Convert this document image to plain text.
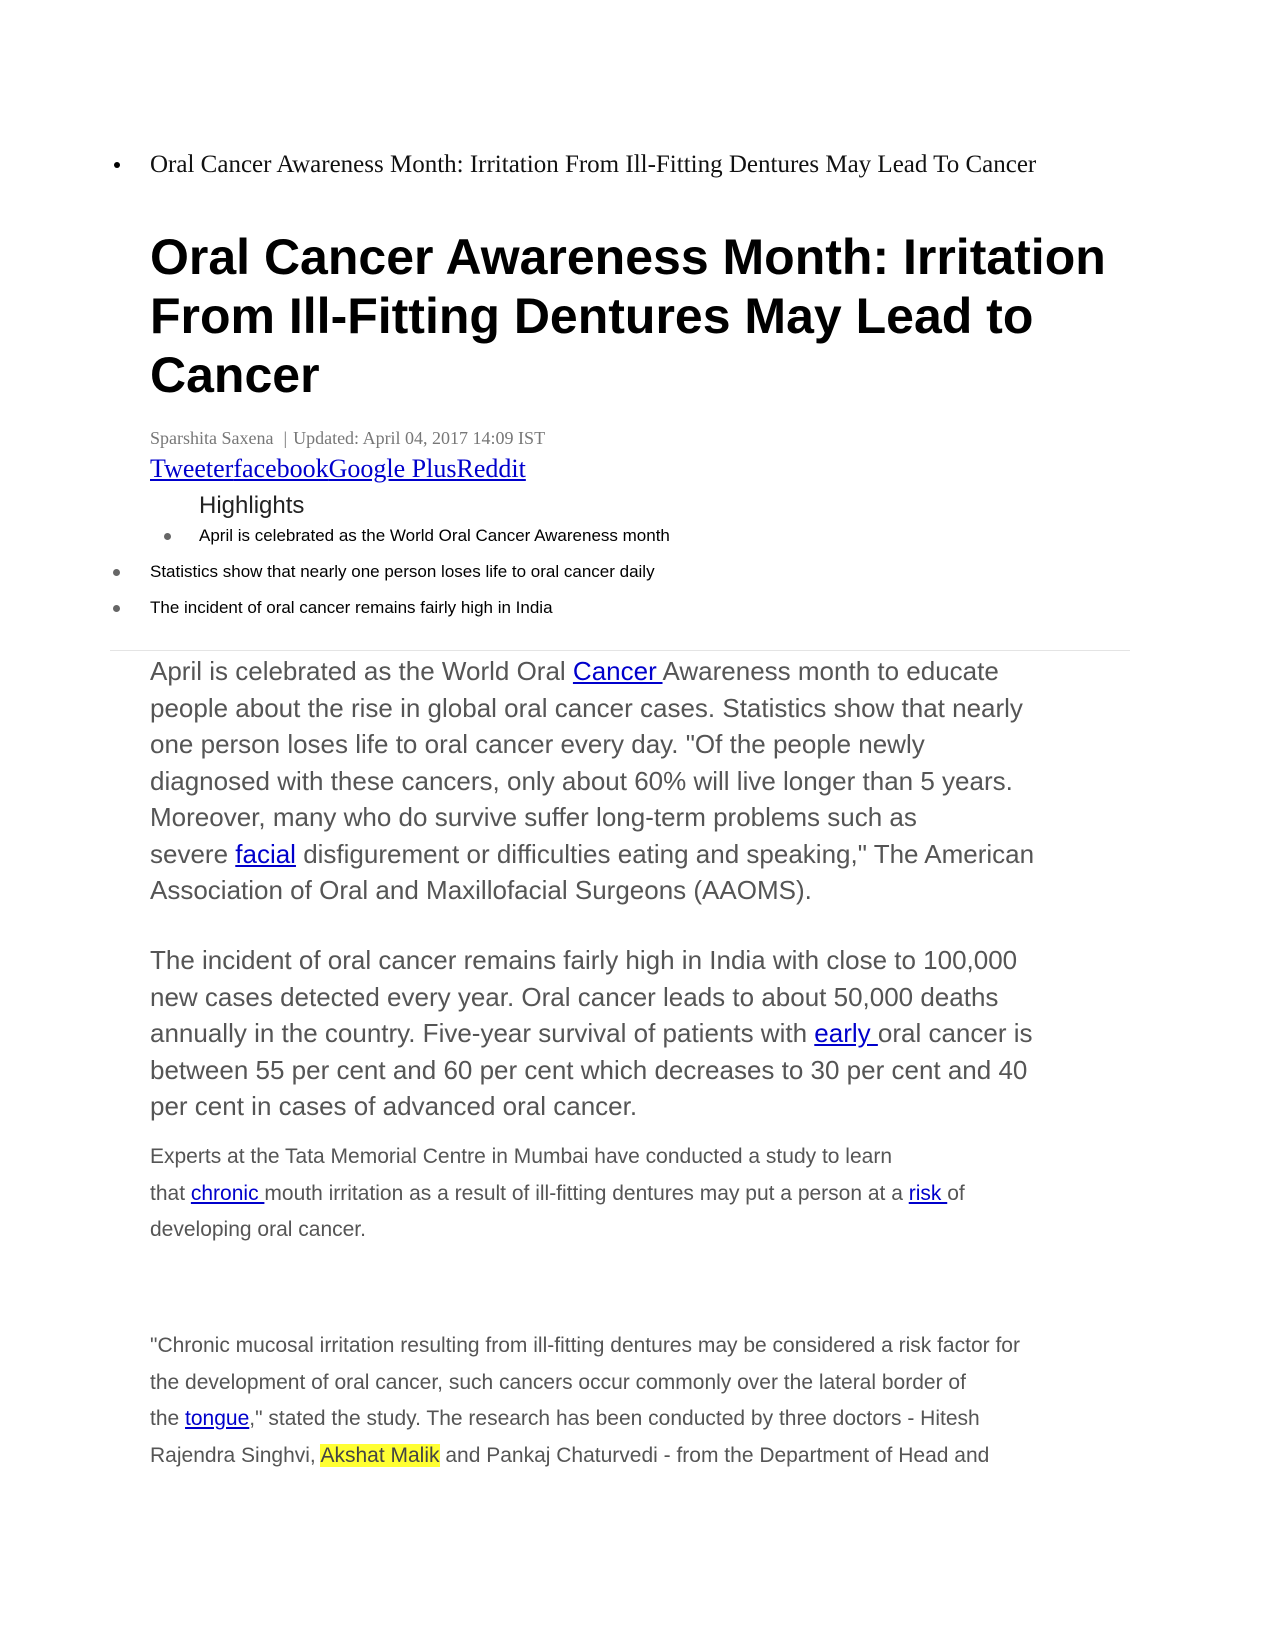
Oral Cancer Awareness Month: Irritation From Ill-Fitting Dentures May Lead To Cancer
Oral Cancer Awareness Month: Irritation From Ill-Fitting Dentures May Lead to Cancer
Sparshita Saxena | Updated: April 04, 2017 14:09 IST
TweeterfacebookGoogle PlusReddit
Highlights
April is celebrated as the World Oral Cancer Awareness month
Statistics show that nearly one person loses life to oral cancer daily
The incident of oral cancer remains fairly high in India
April is celebrated as the World Oral Cancer Awareness month to educate
people about the rise in global oral cancer cases. Statistics show that nearly
one person loses life to oral cancer every day. "Of the people newly
diagnosed with these cancers, only about 60% will live longer than 5 years.
Moreover, many who do survive suffer long-term problems such as
severe facial disfigurement or difficulties eating and speaking," The American
Association of Oral and Maxillofacial Surgeons (AAOMS).
The incident of oral cancer remains fairly high in India with close to 100,000
new cases detected every year. Oral cancer leads to about 50,000 deaths
annually in the country. Five-year survival of patients with early oral cancer is
between 55 per cent and 60 per cent which decreases to 30 per cent and 40
per cent in cases of advanced oral cancer.
Experts at the Tata Memorial Centre in Mumbai have conducted a study to learn
that chronic mouth irritation as a result of ill-fitting dentures may put a person at a risk of
developing oral cancer.
"Chronic mucosal irritation resulting from ill-fitting dentures may be considered a risk factor for
the development of oral cancer, such cancers occur commonly over the lateral border of
the tongue," stated the study. The research has been conducted by three doctors - Hitesh
Rajendra Singhvi, Akshat Malik and Pankaj Chaturvedi - from the Department of Head and
